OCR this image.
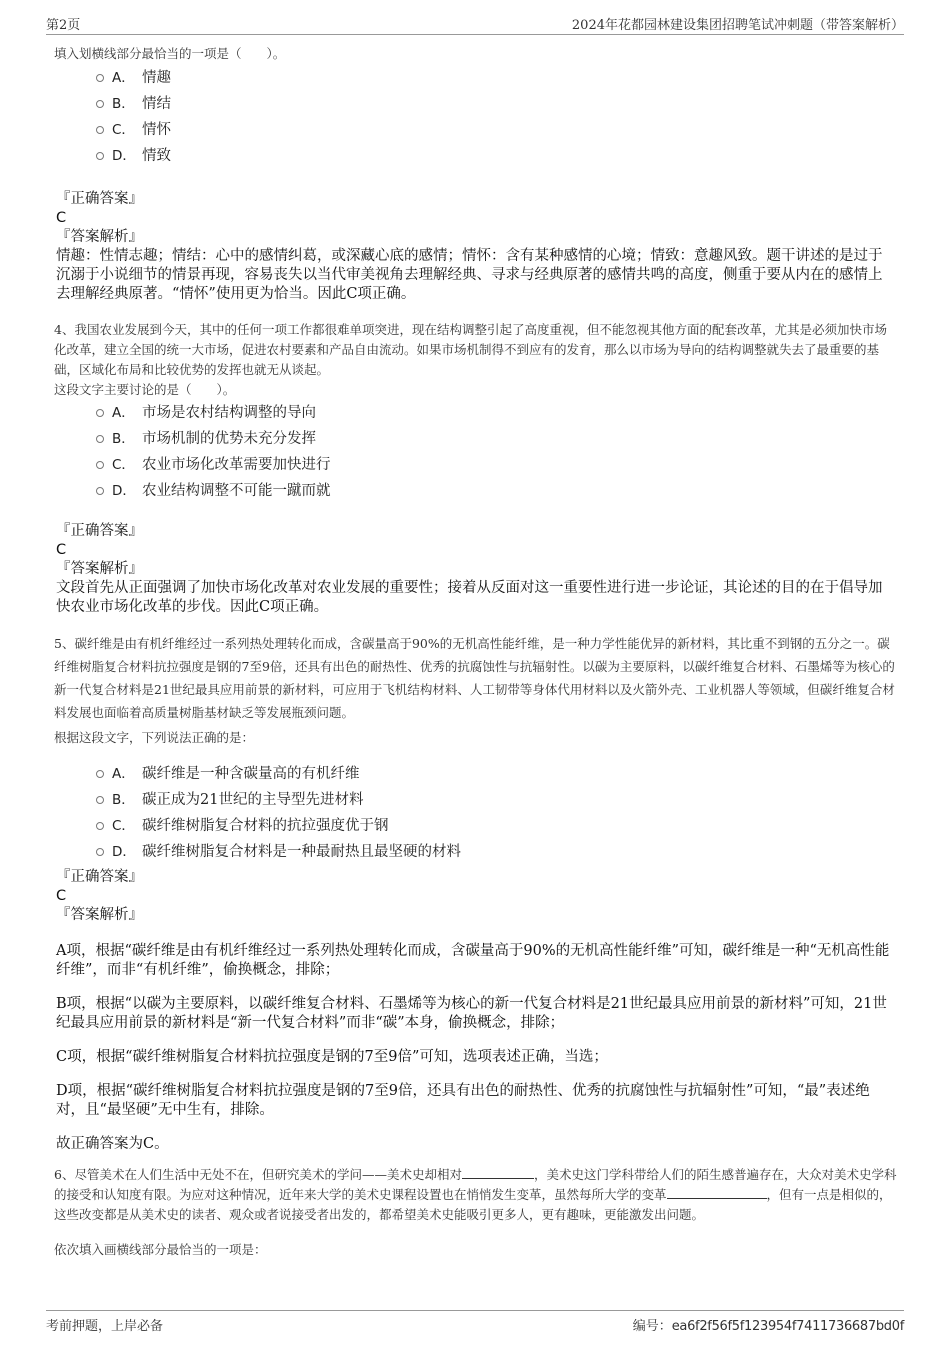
第2页	2024年花都园林建设集团招聘笔试冲刺题（带答案解析）
填入划横线部分最恰当的一项是（　　）。
A． 情趣
B． 情结
C． 情怀
D． 情致
『正确答案』
C
『答案解析』
情趣：性情志趣；情结：心中的感情纠葛，或深藏心底的感情；情怀：含有某种感情的心境；情致：意趣风致。题干讲述的是过于沉溺于小说细节的情景再现，容易丧失以当代审美视角去理解经典、寻求与经典原著的感情共鸣的高度，侧重于要从内在的感情上去理解经典原著。“情怀”使用更为恰当。因此C项正确。
4、我国农业发展到今天，其中的任何一项工作都很难单项突进，现在结构调整引起了高度重视，但不能忽视其他方面的配套改革，尤其是必须加快市场化改革，建立全国的统一大市场，促进农村要素和产品自由流动。如果市场机制得不到应有的发育，那么以市场为导向的结构调整就失去了最重要的基础，区域化布局和比较优势的发挥也就无从谈起。
这段文字主要讨论的是（　　）。
A． 市场是农村结构调整的导向
B． 市场机制的优势未充分发挥
C． 农业市场化改革需要加快进行
D． 农业结构调整不可能一蹴而就
『正确答案』
C
『答案解析』
文段首先从正面强调了加快市场化改革对农业发展的重要性；接着从反面对这一重要性进行进一步论证，其论述的目的在于倡导加快农业市场化改革的步伐。因此C项正确。
5、碳纤维是由有机纤维经过一系列热处理转化而成，含碳量高于90%的无机高性能纤维，是一种力学性能优异的新材料，其比重不到钢的五分之一。碳纤维树脂复合材料抗拉强度是钢的7至9倍，还具有出色的耐热性、优秀的抗腐蚀性与抗辐射性。以碳为主要原料，以碳纤维复合材料、石墨烯等为核心的新一代复合材料是21世纪最具应用前景的新材料，可应用于飞机结构材料、人工韧带等身体代用材料以及火箭外壳、工业机器人等领域，但碳纤维复合材料发展也面临着高质量树脂基材缺乏等发展瓶颈问题。
根据这段文字，下列说法正确的是：
A． 碳纤维是一种含碳量高的有机纤维
B． 碳正成为21世纪的主导型先进材料
C． 碳纤维树脂复合材料的抗拉强度优于钢
D． 碳纤维树脂复合材料是一种最耐热且最坚硬的材料
『正确答案』
C
『答案解析』

A项，根据“碳纤维是由有机纤维经过一系列热处理转化而成，含碳量高于90%的无机高性能纤维”可知，碳纤维是一种“无机高性能纤维”，而非“有机纤维”，偷换概念，排除；

B项，根据“以碳为主要原料，以碳纤维复合材料、石墨烯等为核心的新一代复合材料是21世纪最具应用前景的新材料”可知，21世纪最具应用前景的新材料是“新一代复合材料”而非“碳”本身，偷换概念，排除；

C项，根据“碳纤维树脂复合材料抗拉强度是钢的7至9倍”可知，选项表述正确，当选；

D项，根据“碳纤维树脂复合材料抗拉强度是钢的7至9倍，还具有出色的耐热性、优秀的抗腐蚀性与抗辐射性”可知，“最”表述绝对，且“最坚硬”无中生有，排除。

故正确答案为C。

6、尽管美术在人们生活中无处不在，但研究美术的学问——美术史却相对	，美术史这门学科带给人们的陌生感普遍存在，大众对美术史学科的接受和认知度有限。为应对这种情况，近年来大学的美术史课程设置也在悄悄发生变革，虽然每所大学的变革	，但有一点是相似的，这些改变都是从美术史的读者、观众或者说接受者出发的，都希望美术史能吸引更多人，更有趣味，更能激发出问题。
依次填入画横线部分最恰当的一项是：
考前押题，上岸必备	编号：ea6f2f56f5f123954f7411736687bd0f
